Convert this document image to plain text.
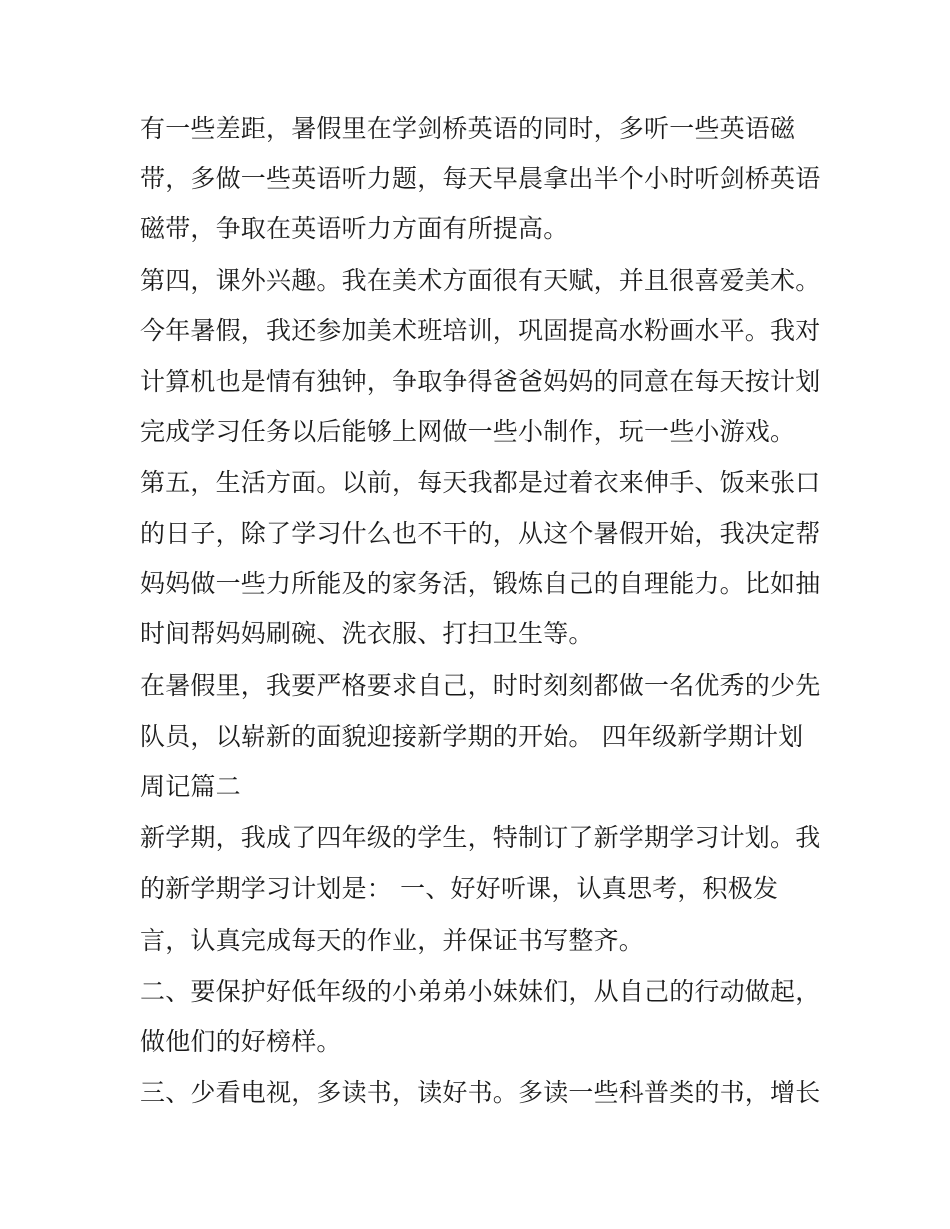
有一些差距，暑假里在学剑桥英语的同时，多听一些英语磁
带，多做一些英语听力题，每天早晨拿出半个小时听剑桥英语
磁带，争取在英语听力方面有所提高。
第四，课外兴趣。我在美术方面很有天赋，并且很喜爱美术。
今年暑假，我还参加美术班培训，巩固提高水粉画水平。我对
计算机也是情有独钟，争取争得爸爸妈妈的同意在每天按计划
完成学习任务以后能够上网做一些小制作，玩一些小游戏。
第五，生活方面。以前，每天我都是过着衣来伸手、饭来张口
的日子，除了学习什么也不干的，从这个暑假开始，我决定帮
妈妈做一些力所能及的家务活，锻炼自己的自理能力。比如抽
时间帮妈妈刷碗、洗衣服、打扫卫生等。
在暑假里，我要严格要求自己，时时刻刻都做一名优秀的少先
队员，以崭新的面貌迎接新学期的开始。 四年级新学期计划
周记篇二
新学期，我成了四年级的学生，特制订了新学期学习计划。我
的新学期学习计划是： 一、好好听课，认真思考，积极发
言，认真完成每天的作业，并保证书写整齐。
二、要保护好低年级的小弟弟小妹妹们，从自己的行动做起，
做他们的好榜样。
三、少看电视，多读书，读好书。多读一些科普类的书，增长
